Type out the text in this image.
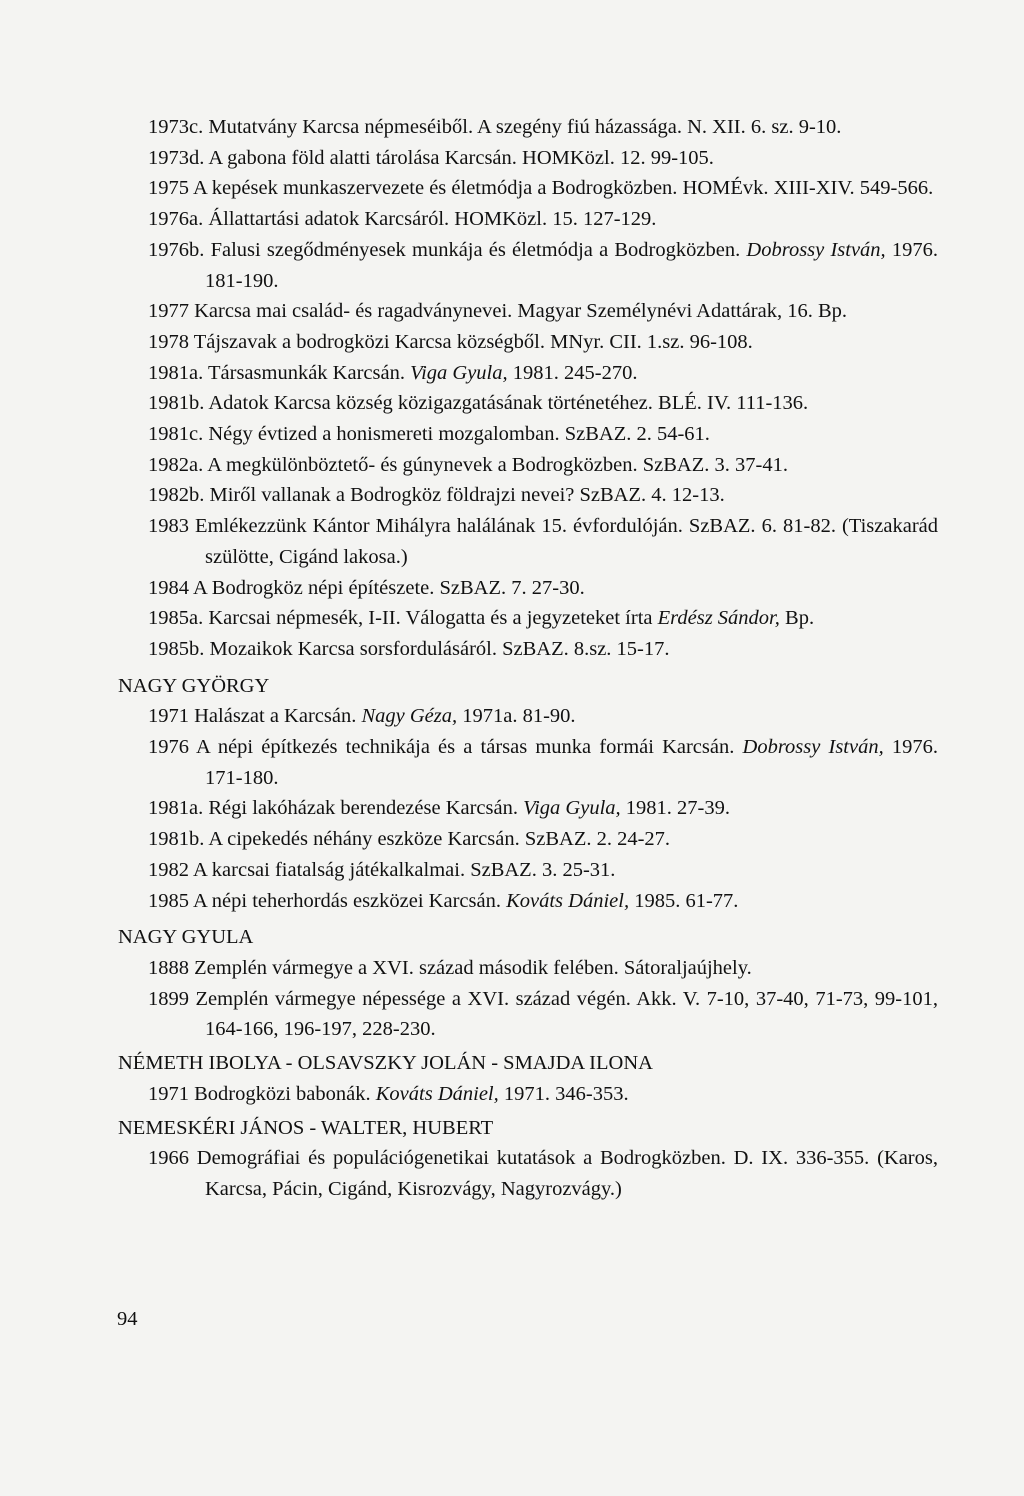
1973c. Mutatvány Karcsa népmeséiből. A szegény fiú házassága. N. XII. 6. sz. 9-10.
1973d. A gabona föld alatti tárolása Karcsán. HOMKözl. 12. 99-105.
1975 A kepések munkaszervezete és életmódja a Bodrogközben. HOMÉvk. XIII-XIV. 549-566.
1976a. Állattartási adatok Karcsáról. HOMKözl. 15. 127-129.
1976b. Falusi szegődményesek munkája és életmódja a Bodrogközben. Dobrossy István, 1976. 181-190.
1977 Karcsa mai család- és ragadványnevei. Magyar Személynévi Adattárak, 16. Bp.
1978 Tájszavak a bodrogközi Karcsa községből. MNyr. CII. 1.sz. 96-108.
1981a. Társasmunkák Karcsán. Viga Gyula, 1981. 245-270.
1981b. Adatok Karcsa község közigazgatásának történetéhez. BLÉ. IV. 111-136.
1981c. Négy évtized a honismereti mozgalomban. SzBAZ. 2. 54-61.
1982a. A megkülönböztető- és gúnynevek a Bodrogközben. SzBAZ. 3. 37-41.
1982b. Miről vallanak a Bodrogköz földrajzi nevei? SzBAZ. 4. 12-13.
1983 Emlékezzünk Kántor Mihályra halálának 15. évfordulóján. SzBAZ. 6. 81-82. (Tiszakarád szülötte, Cigánd lakosa.)
1984 A Bodrogköz népi építészete. SzBAZ. 7. 27-30.
1985a. Karcsai népmesék, I-II. Válogatta és a jegyzeteket írta Erdész Sándor, Bp.
1985b. Mozaikok Karcsa sorsfordulásáról. SzBAZ. 8.sz. 15-17.
NAGY GYÖRGY
1971 Halászat a Karcsán. Nagy Géza, 1971a. 81-90.
1976 A népi építkezés technikája és a társas munka formái Karcsán. Dobrossy István, 1976. 171-180.
1981a. Régi lakóházak berendezése Karcsán. Viga Gyula, 1981. 27-39.
1981b. A cipekedés néhány eszköze Karcsán. SzBAZ. 2. 24-27.
1982 A karcsai fiatalság játékalkalmai. SzBAZ. 3. 25-31.
1985 A népi teherhordás eszközei Karcsán. Kováts Dániel, 1985. 61-77.
NAGY GYULA
1888 Zemplén vármegye a XVI. század második felében. Sátoraljaújhely.
1899 Zemplén vármegye népessége a XVI. század végén. Akk. V. 7-10, 37-40, 71-73, 99-101, 164-166, 196-197, 228-230.
NÉMETH IBOLYA - OLSAVSZKY JOLÁN - SMAJDA ILONA
1971 Bodrogközi babonák. Kováts Dániel, 1971. 346-353.
NEMESKÉRI JÁNOS - WALTER, HUBERT
1966 Demográfiai és populációgenetikai kutatások a Bodrogközben. D. IX. 336-355. (Karos, Karcsa, Pácin, Cigánd, Kisrozvágy, Nagyrozvágy.)
94
